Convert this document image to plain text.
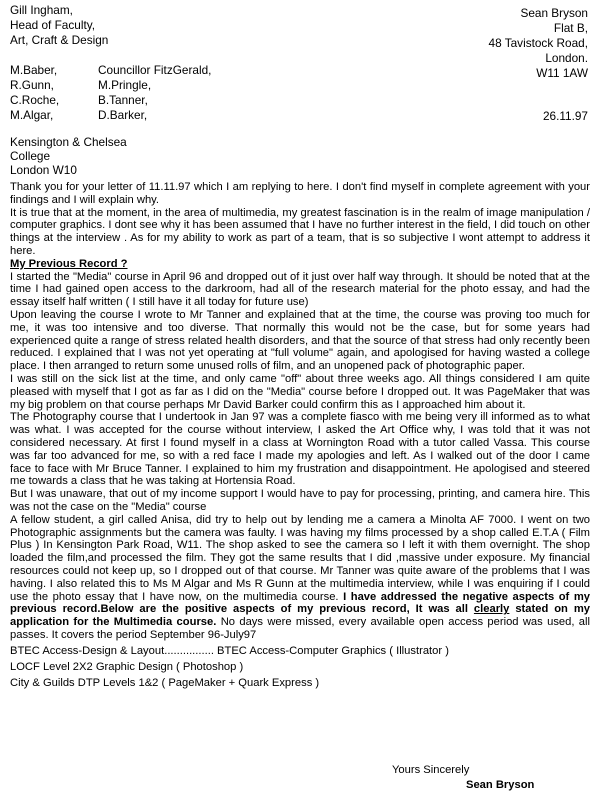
Gill Ingham,
Head of Faculty,
Art, Craft & Design
Sean Bryson
Flat B,
48 Tavistock Road,
London.
W11 1AW
M.Baber,
R.Gunn,
C.Roche,
M.Algar,
Councillor FitzGerald,
M.Pringle,
B.Tanner,
D.Barker,	26.11.97
Kensington & Chelsea
College
London W10

Thank you for your letter of 11.11.97 which I am replying to here. I don't find myself in complete agreement with your findings and I will explain why.

It is true that at the moment, in the area of multimedia, my greatest fascination is in the realm of image manipulation / computer graphics. I dont see why it has been assumed that I have no further interest in the field, I did touch on other things at the interview . As for my ability to work as part of a team, that is so subjective I wont attempt to address it here.

My Previous Record ?

I started the "Media" course in April 96 and dropped out of it just over half way through. It should be noted that at the time I had gained open access to the darkroom, had all of the research material for the photo essay, and had the essay itself half written ( I still have it all today for future use)

Upon leaving the course I wrote to Mr Tanner and explained that at the time, the course was proving too much for me, it was too intensive and too diverse. That normally this would not be the case, but for some years had experienced quite a range of stress related health disorders, and that the source of that stress had only recently been reduced. I explained that I was not yet operating at "full volume" again, and apologised for having wasted a college place. I then arranged to return some unused rolls of film, and an unopened pack of photographic paper.

I was still on the sick list at the time, and only came "off" about three weeks ago. All things considered I am quite pleased with myself that I got as far as I did on the "Media" course before I dropped out. It was PageMaker that was my big problem on that course perhaps Mr David Barker could confirm this as I approached him about it.

The Photography course that I undertook in Jan 97 was a complete fiasco with me being very ill informed as to what was what. I was accepted for the course without interview, I asked the Art Office why, I was told that it was not considered necessary. At first I found myself in a class at Wornington Road with a tutor called Vassa. This course was far too advanced for me, so with a red face I made my apologies and left. As I walked out of the door I came face to face with Mr Bruce Tanner. I explained to him my frustration and disappointment. He apologised and steered me towards a class that he was taking at Hortensia Road.

But I was unaware, that out of my income support I would have to pay for processing, printing, and camera hire. This was not the case on the "Media" course

A fellow student, a girl called Anisa, did try to help out by lending me a camera a Minolta AF 7000. I went on two Photographic assignments but the camera was faulty. I was having my films processed by a shop called E.T.A ( Film Plus ) In Kensington Park Road, W11. The shop asked to see the camera so I left it with them overnight. The shop loaded the film,and processed the film. They got the same results that I did ,massive under exposure. My financial resources could not keep up, so I dropped out of that course. Mr Tanner was quite aware of the problems that I was having. I also related this to Ms M Algar and Ms R Gunn at the multimedia interview, while I was enquiring if I could use the photo essay that I have now, on the multimedia course. I have addressed the negative aspects of my previous record.Below are the positive aspects of my previous record, It was all clearly stated on my application for the Multimedia course. No days were missed, every available open access period was used, all passes. It covers the period September 96-July97

BTEC Access-Design & Layout................ BTEC Access-Computer Graphics ( Illustrator )
LOCF Level 2X2 Graphic Design ( Photoshop )
City & Guilds DTP Levels 1&2 ( PageMaker + Quark Express )
Yours Sincerely
Sean Bryson
